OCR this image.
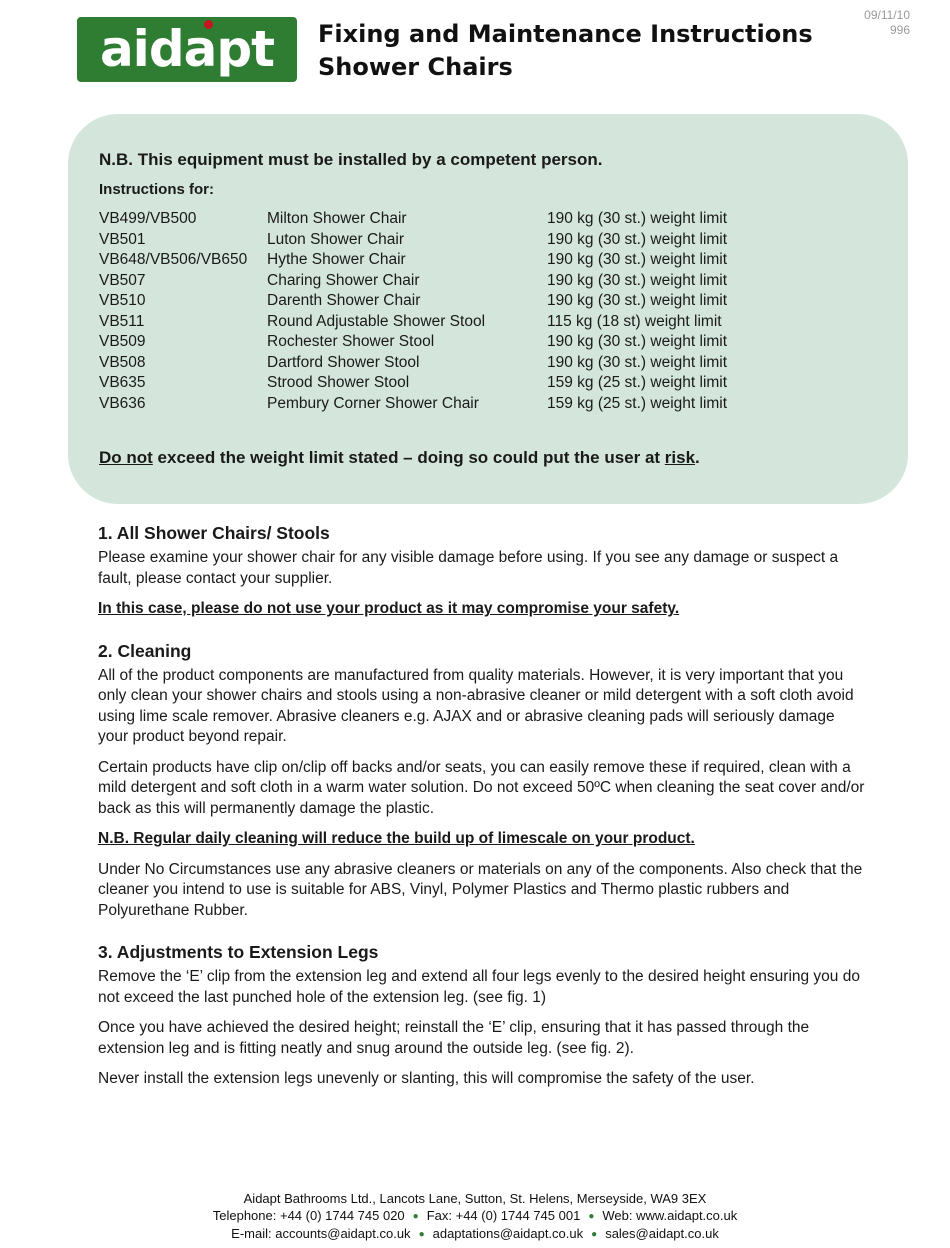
09/11/10
996
aidapt	Fixing and Maintenance Instructions
Shower Chairs

N.B. This equipment must be installed by a competent person.

Instructions for:

VB499/VB500	Milton Shower Chair	190 kg (30 st.) weight limit
VB501	Luton Shower Chair	190 kg (30 st.) weight limit
VB648/VB506/VB650	Hythe Shower Chair	190 kg (30 st.) weight limit
VB507	Charing Shower Chair	190 kg (30 st.) weight limit
VB510	Darenth Shower Chair	190 kg (30 st.) weight limit
VB511	Round Adjustable Shower Stool	115 kg (18 st) weight limit
VB509	Rochester Shower Stool	190 kg (30 st.) weight limit
VB508	Dartford Shower Stool	190 kg (30 st.) weight limit
VB635	Strood Shower Stool	159 kg (25 st.) weight limit
VB636	Pembury Corner Shower Chair	159 kg (25 st.) weight limit

Do not exceed the weight limit stated – doing so could put the user at risk.

1. All Shower Chairs/ Stools

Please examine your shower chair for any visible damage before using. If you see any damage or suspect a fault, please contact your supplier.

In this case, please do not use your product as it may compromise your safety.

2. Cleaning

All of the product components are manufactured from quality materials. However, it is very important that you only clean your shower chairs and stools using a non-abrasive cleaner or mild detergent with a soft cloth avoid using lime scale remover. Abrasive cleaners e.g. AJAX and or abrasive cleaning pads will seriously damage your product beyond repair.

Certain products have clip on/clip off backs and/or seats, you can easily remove these if required, clean with a mild detergent and soft cloth in a warm water solution. Do not exceed 50ºC when cleaning the seat cover and/or back as this will permanently damage the plastic.

N.B. Regular daily cleaning will reduce the build up of limescale on your product.

Under No Circumstances use any abrasive cleaners or materials on any of the components. Also check that the cleaner you intend to use is suitable for ABS, Vinyl, Polymer Plastics and Thermo plastic rubbers and Polyurethane Rubber.

3. Adjustments to Extension Legs

Remove the ‘E’ clip from the extension leg and extend all four legs evenly to the desired height ensuring you do not exceed the last punched hole of the extension leg. (see fig. 1)

Once you have achieved the desired height; reinstall the ‘E’ clip, ensuring that it has passed through the extension leg and is fitting neatly and snug around the outside leg. (see fig. 2).

Never install the extension legs unevenly or slanting, this will compromise the safety of the user.

Aidapt Bathrooms Ltd., Lancots Lane, Sutton, St. Helens, Merseyside, WA9 3EX
Telephone: +44 (0) 1744 745 020 ● Fax: +44 (0) 1744 745 001 ● Web: www.aidapt.co.uk
E-mail: accounts@aidapt.co.uk ● adaptations@aidapt.co.uk ● sales@aidapt.co.uk
